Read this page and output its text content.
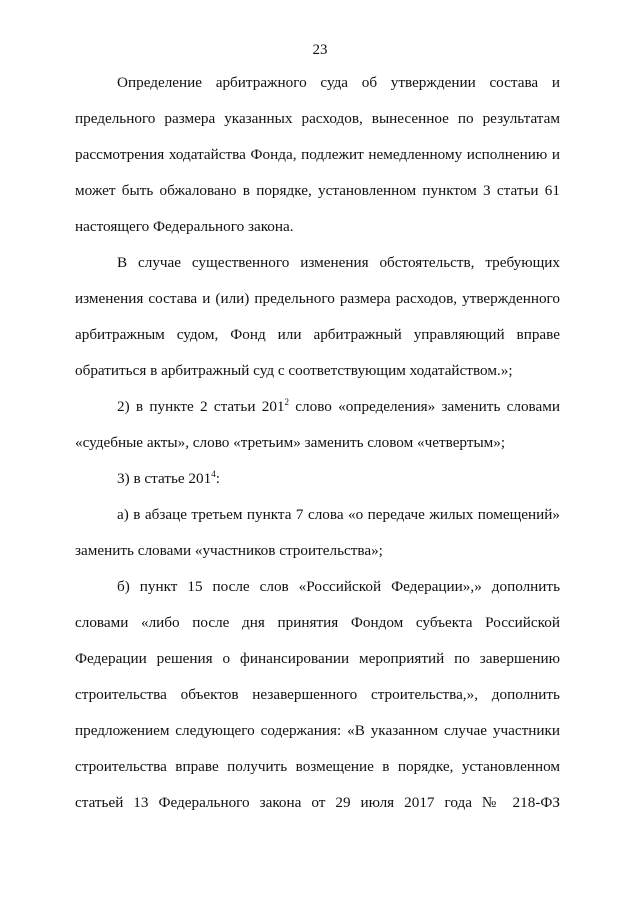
23
Определение арбитражного суда об утверждении состава и
предельного размера указанных расходов, вынесенное по результатам
рассмотрения ходатайства Фонда, подлежит немедленному исполнению и
может быть обжаловано в порядке, установленном пунктом 3 статьи 61
настоящего Федерального закона.
В случае существенного изменения обстоятельств, требующих
изменения состава и (или) предельного размера расходов, утвержденного
арбитражным судом, Фонд или арбитражный управляющий вправе
обратиться в арбитражный суд с соответствующим ходатайством.»;
2) в пункте 2 статьи $201^2$ слово «определения» заменить словами
«судебные акты», слово «третьим» заменить словом «четвертым»;
3) в статье $201^4$:
а) в абзаце третьем пункта 7 слова «о передаче жилых помещений»
заменить словами «участников строительства»;
б) пункт 15 после слов «Российской Федерации»,» дополнить
словами «либо после дня принятия Фондом субъекта Российской
Федерации решения о финансировании мероприятий по завершению
строительства объектов незавершенного строительства,», дополнить
предложением следующего содержания: «В указанном случае участники
строительства вправе получить возмещение в порядке, установленном
статьей 13 Федерального закона от 29 июля 2017 года № 218-ФЗ
